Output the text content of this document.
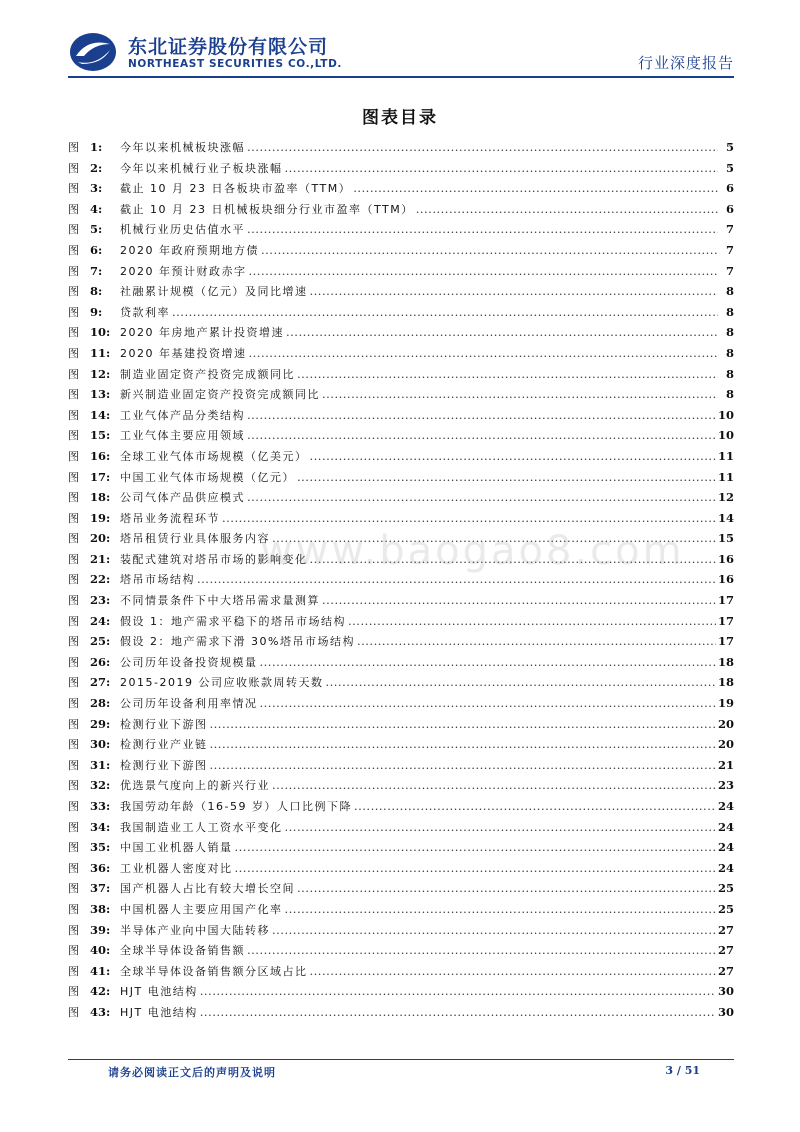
东北证券股份有限公司
NORTHEAST SECURITIES CO.,LTD.	行业深度报告
图表目录
图 1:	今年以来机械板块涨幅 .....	5
图 2:	今年以来机械行业子板块涨幅 .....	5
图 3:	截止 10 月 23 日各板块市盈率（TTM） .....	6
图 4:	截止 10 月 23 日机械板块细分行业市盈率（TTM） .....	6
图 5:	机械行业历史估值水平 .....	7
图 6:	2020 年政府预期地方债 .....	7
图 7:	2020 年预计财政赤字 .....	7
图 8:	社融累计规模（亿元）及同比增速 .....	8
图 9:	贷款利率 .....	8
图 10: 2020 年房地产累计投资增速 .....	8
图 11: 2020 年基建投资增速 .....	8
图 12: 制造业固定资产投资完成额同比 .....	8
图 13: 新兴制造业固定资产投资完成额同比 .....	8
图 14: 工业气体产品分类结构 .....	10
图 15: 工业气体主要应用领域 .....	10
图 16: 全球工业气体市场规模（亿美元） .....	11
图 17: 中国工业气体市场规模（亿元） .....	11
图 18: 公司气体产品供应模式 .....	12
图 19: 塔吊业务流程环节 .....	14
图 20: 塔吊租赁行业具体服务内容 .....	15
图 21: 装配式建筑对塔吊市场的影响变化 .....	16
图 22: 塔吊市场结构 .....	16
图 23: 不同情景条件下中大塔吊需求量测算 .....	17
图 24: 假设 1：地产需求平稳下的塔吊市场结构 .....	17
图 25: 假设 2：地产需求下滑 30%塔吊市场结构 .....	17
图 26: 公司历年设备投资规模量 .....	18
图 27: 2015-2019 公司应收账款周转天数 .....	18
图 28: 公司历年设备利用率情况 .....	19
图 29: 检测行业下游图 .....	20
图 30: 检测行业产业链 .....	20
图 31: 检测行业下游图 .....	21
图 32: 优选景气度向上的新兴行业 .....	23
图 33: 我国劳动年龄（16-59 岁）人口比例下降 .....	24
图 34: 我国制造业工人工资水平变化 .....	24
图 35: 中国工业机器人销量 .....	24
图 36: 工业机器人密度对比 .....	24
图 37: 国产机器人占比有较大增长空间 .....	25
图 38: 中国机器人主要应用国产化率 .....	25
图 39: 半导体产业向中国大陆转移 .....	27
图 40: 全球半导体设备销售额 .....	27
图 41: 全球半导体设备销售额分区域占比 .....	27
图 42: HJT 电池结构 .....	30
图 43: HJT 电池结构 .....	30
www.baogao8.com
请务必阅读正文后的声明及说明	3 / 51
